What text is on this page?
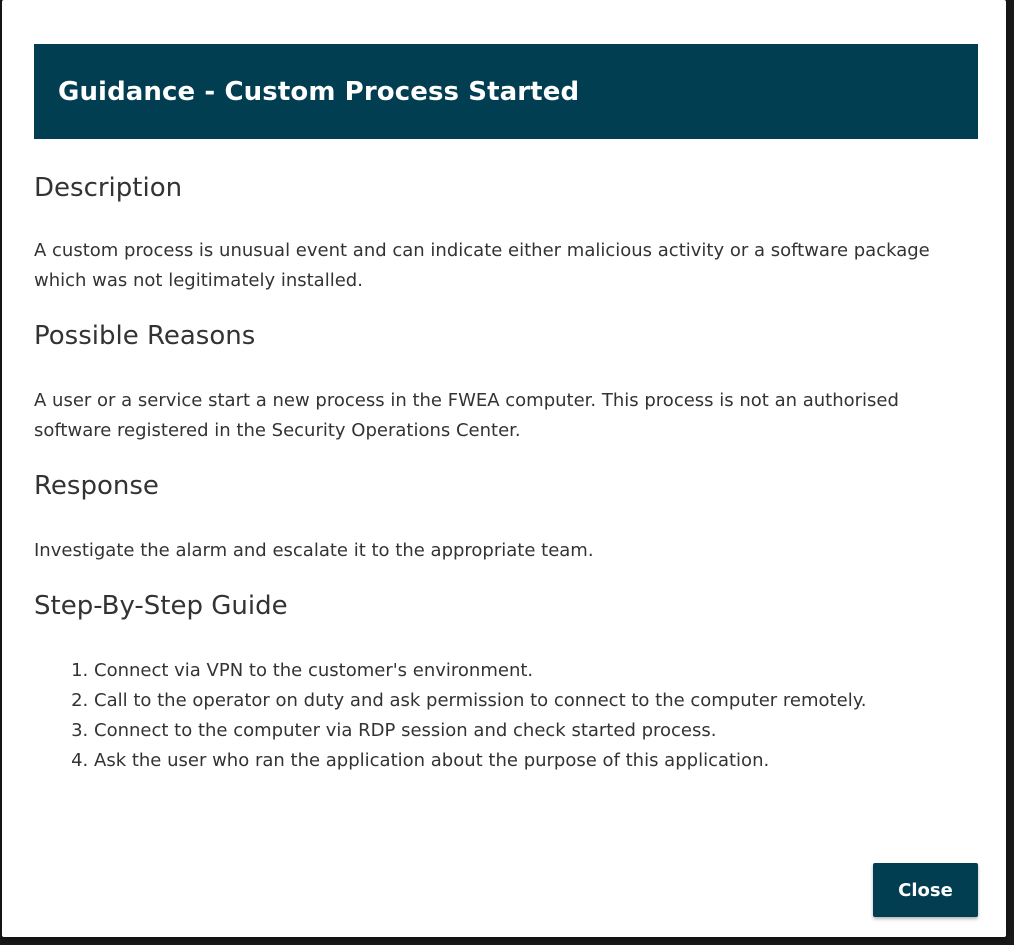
Guidance - Custom Process Started
Description

A custom process is unusual event and can indicate either malicious activity or a software package which was not legitimately installed.

Possible Reasons

A user or a service start a new process in the FWEA computer. This process is not an authorised software registered in the Security Operations Center.

Response

Investigate the alarm and escalate it to the appropriate team.

Step-By-Step Guide
1. Connect via VPN to the customer's environment.
2. Call to the operator on duty and ask permission to connect to the computer remotely.
3. Connect to the computer via RDP session and check started process.
4. Ask the user who ran the application about the purpose of this application.
Close
